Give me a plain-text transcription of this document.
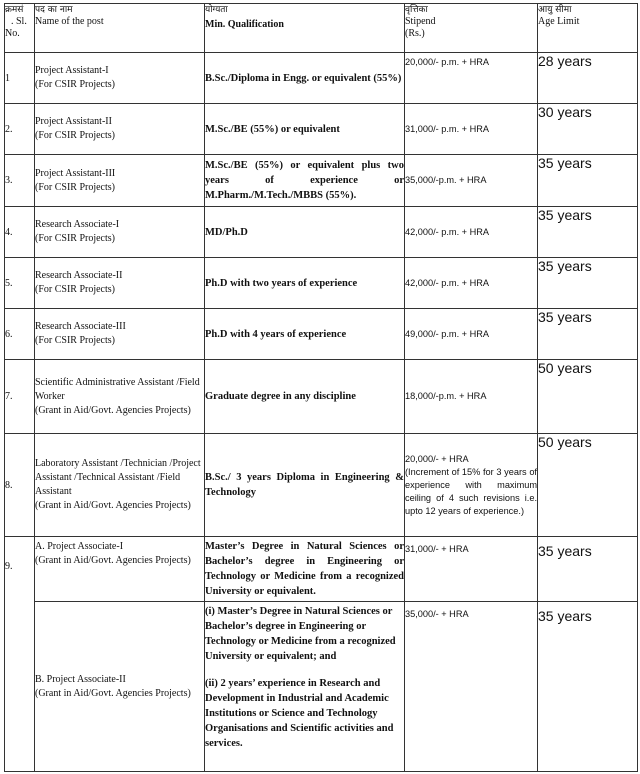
क्रमसं
. Sl.
No.	पद का नाम
Name of the post	योग्यता
Min. Qualification	वृत्तिका
Stipend
(Rs.)	आयु सीमा
Age Limit

1	Project Assistant-I
(For CSIR Projects)	B.Sc./Diploma in Engg. or equivalent (55%)	20,000/- p.m. + HRA	28 years
2.	Project Assistant-II
(For CSIR Projects)	M.Sc./BE (55%) or equivalent	31,000/- p.m. + HRA	30 years
3.	Project Assistant-III
(For CSIR Projects)	M.Sc./BE (55%) or equivalent plus two years of experience or M.Pharm./M.Tech./MBBS (55%).	35,000/-p.m. + HRA	35 years
4.	Research Associate-I
(For CSIR Projects)	MD/Ph.D	42,000/- p.m. + HRA	35 years
5.	Research Associate-II
(For CSIR Projects)	Ph.D with two years of experience	42,000/- p.m. + HRA	35 years
6.	Research Associate-III
(For CSIR Projects)	Ph.D with 4 years of experience	49,000/- p.m. + HRA	35 years
7.	Scientific Administrative Assistant /Field Worker
(Grant in Aid/Govt. Agencies Projects)	Graduate degree in any discipline	18,000/-p.m. + HRA	50 years
8.	Laboratory Assistant /Technician /Project Assistant /Technical Assistant /Field Assistant
(Grant in Aid/Govt. Agencies Projects)	B.Sc./ 3 years Diploma in Engineering & Technology	20,000/- + HRA
(Increment of 15% for 3 years of experience with maximum ceiling of 4 such revisions i.e. upto 12 years of experience.)	50 years
9.	A. Project Associate-I
(Grant in Aid/Govt. Agencies Projects)	Master’s Degree in Natural Sciences or Bachelor’s degree in Engineering or Technology or Medicine from a recognized University or equivalent.	31,000/- + HRA	35 years

	B. Project Associate-II
(Grant in Aid/Govt. Agencies Projects)	(i) Master’s Degree in Natural Sciences or Bachelor’s degree in Engineering or Technology or Medicine from a recognized University or equivalent; and
(ii) 2 years’ experience in Research and Development in Industrial and Academic Institutions or Science and Technology Organisations and Scientific activities and services.	35,000/- + HRA	35 years
